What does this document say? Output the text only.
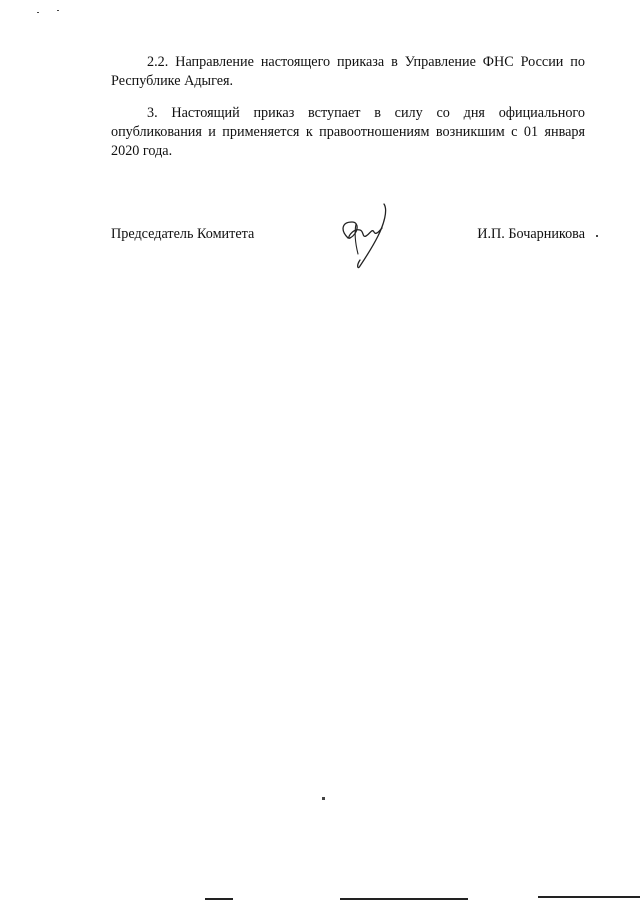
2.2. Направление настоящего приказа в Управление ФНС России по Республике Адыгея.

3. Настоящий приказ вступает в силу со дня официального опубликования и применяется к правоотношениям возникшим с 01 января 2020 года.

Председатель Комитета	И.П. Бочарникова
